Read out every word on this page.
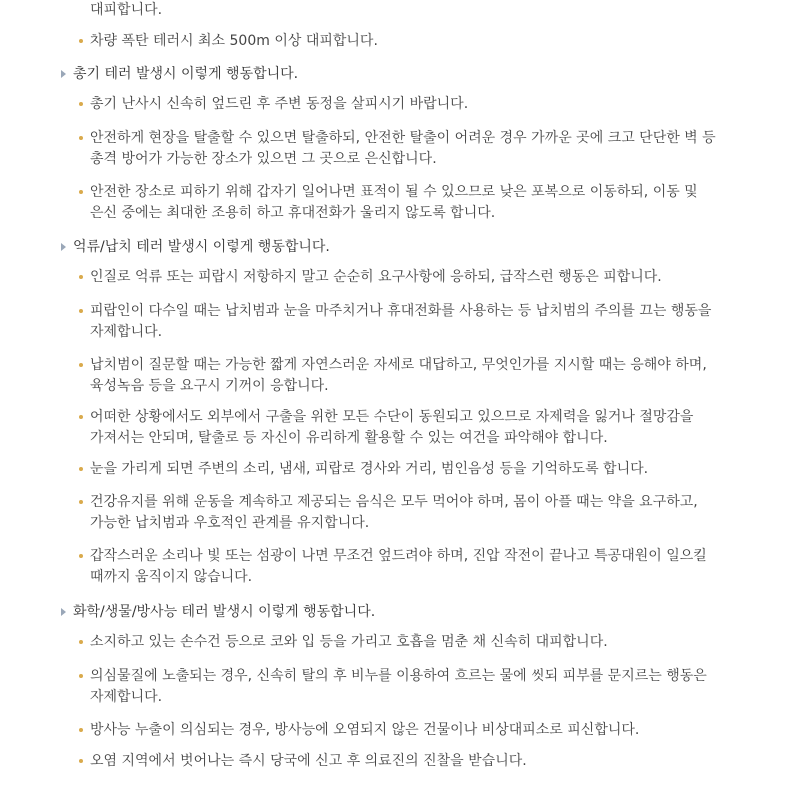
대피합니다.
차량 폭탄 테러시 최소 500m 이상 대피합니다.
총기 테러 발생시 이렇게 행동합니다.
총기 난사시 신속히 엎드린 후 주변 동정을 살피시기 바랍니다.
안전하게 현장을 탈출할 수 있으면 탈출하되, 안전한 탈출이 어려운 경우 가까운 곳에 크고 단단한 벽 등
총격 방어가 가능한 장소가 있으면 그 곳으로 은신합니다.
안전한 장소로 피하기 위해 갑자기 일어나면 표적이 될 수 있으므로 낮은 포복으로 이동하되, 이동 및
은신 중에는 최대한 조용히 하고 휴대전화가 울리지 않도록 합니다.
억류/납치 테러 발생시 이렇게 행동합니다.
인질로 억류 또는 피랍시 저항하지 말고 순순히 요구사항에 응하되, 급작스런 행동은 피합니다.
피랍인이 다수일 때는 납치범과 눈을 마주치거나 휴대전화를 사용하는 등 납치범의 주의를 끄는 행동을
자제합니다.
납치범이 질문할 때는 가능한 짧게 자연스러운 자세로 대답하고, 무엇인가를 지시할 때는 응해야 하며,
육성녹음 등을 요구시 기꺼이 응합니다.
어떠한 상황에서도 외부에서 구출을 위한 모든 수단이 동원되고 있으므로 자제력을 잃거나 절망감을
가져서는 안되며, 탈출로 등 자신이 유리하게 활용할 수 있는 여건을 파악해야 합니다.
눈을 가리게 되면 주변의 소리, 냄새, 피랍로 경사와 거리, 범인음성 등을 기억하도록 합니다.
건강유지를 위해 운동을 계속하고 제공되는 음식은 모두 먹어야 하며, 몸이 아플 때는 약을 요구하고,
가능한 납치범과 우호적인 관계를 유지합니다.
갑작스러운 소리나 빛 또는 섬광이 나면 무조건 엎드려야 하며, 진압 작전이 끝나고 특공대원이 일으킬
때까지 움직이지 않습니다.
화학/생물/방사능 테러 발생시 이렇게 행동합니다.
소지하고 있는 손수건 등으로 코와 입 등을 가리고 호흡을 멈춘 채 신속히 대피합니다.
의심물질에 노출되는 경우, 신속히 탈의 후 비누를 이용하여 흐르는 물에 씻되 피부를 문지르는 행동은
자제합니다.
방사능 누출이 의심되는 경우, 방사능에 오염되지 않은 건물이나 비상대피소로 피신합니다.
오염 지역에서 벗어나는 즉시 당국에 신고 후 의료진의 진찰을 받습니다.
